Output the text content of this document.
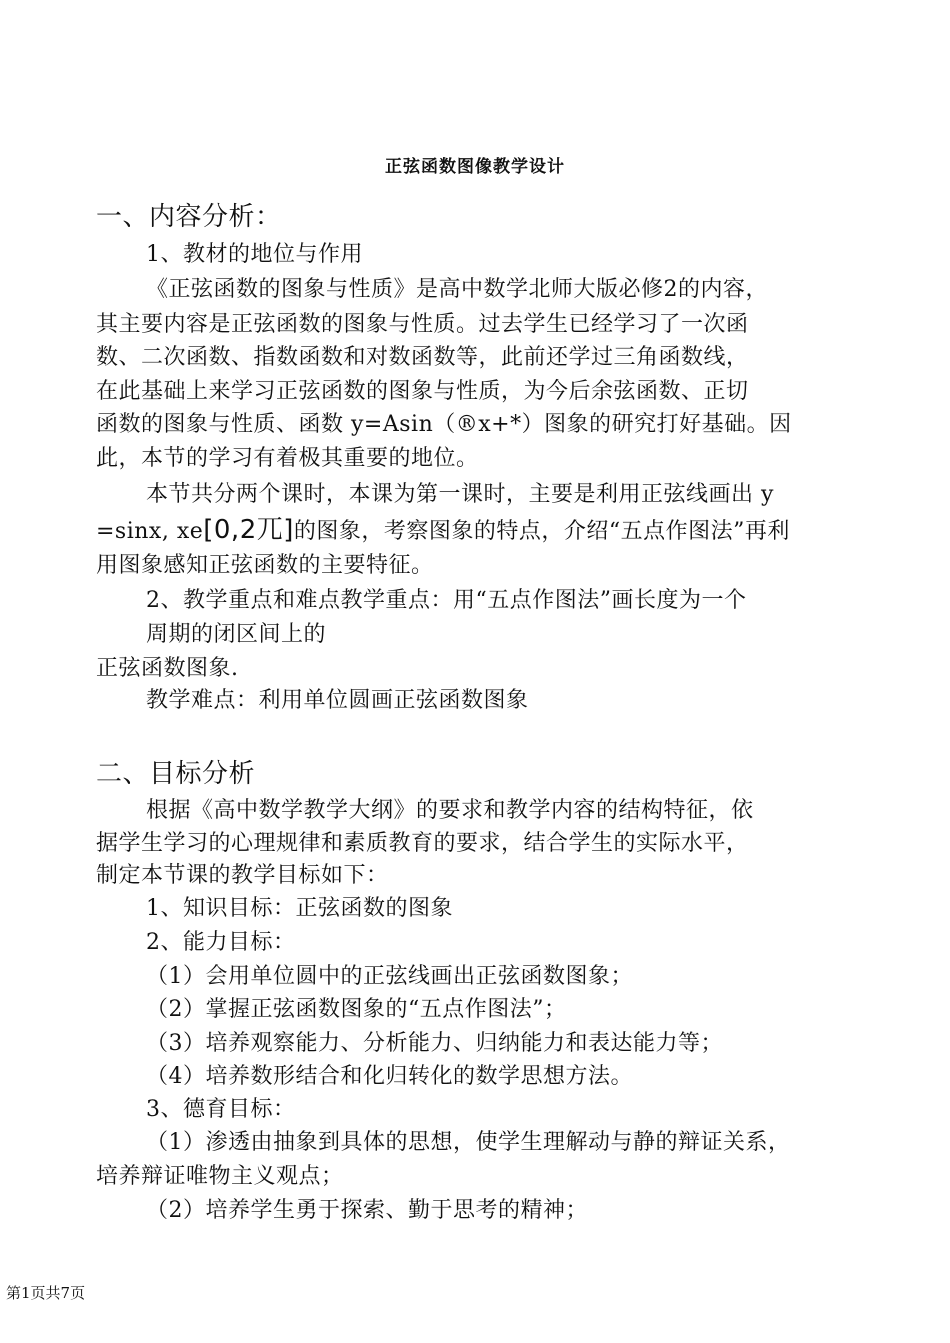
正弦函数图像教学设计
一、内容分析：
1、教材的地位与作用
《正弦函数的图象与性质》是高中数学北师大版必修2的内容，
其主要内容是正弦函数的图象与性质。过去学生已经学习了一次函
数、二次函数、指数函数和对数函数等，此前还学过三角函数线，
在此基础上来学习正弦函数的图象与性质，为今后余弦函数、正切
函数的图象与性质、函数 y=Asin（®x+*）图象的研究打好基础。因
此，本节的学习有着极其重要的地位。
本节共分两个课时，本课为第一课时，主要是利用正弦线画出 y
=sinx, xe[0,2兀]的图象，考察图象的特点，介绍“五点作图法”再利
用图象感知正弦函数的主要特征。
2、教学重点和难点教学重点：用“五点作图法”画长度为一个
周期的闭区间上的
正弦函数图象.
教学难点：利用单位圆画正弦函数图象
二、目标分析
根据《高中数学教学大纲》的要求和教学内容的结构特征，依
据学生学习的心理规律和素质教育的要求，结合学生的实际水平，
制定本节课的教学目标如下：
1、知识目标：正弦函数的图象
2、能力目标：
（1）会用单位圆中的正弦线画出正弦函数图象；
（2）掌握正弦函数图象的“五点作图法”；
（3）培养观察能力、分析能力、归纳能力和表达能力等；
（4）培养数形结合和化归转化的数学思想方法。
3、德育目标：
（1）渗透由抽象到具体的思想，使学生理解动与静的辩证关系，
培养辩证唯物主义观点；
（2）培养学生勇于探索、勤于思考的精神；
第1页共7页
